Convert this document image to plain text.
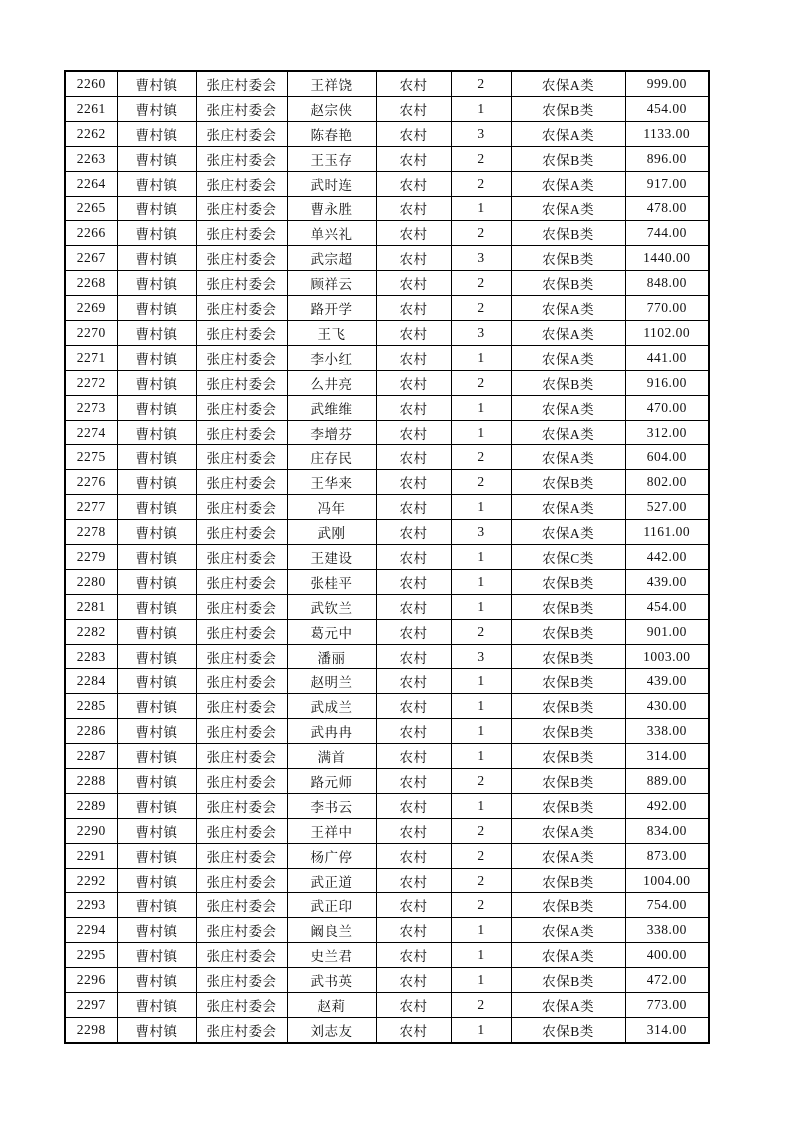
2260	曹村镇	张庄村委会	王祥饶	农村	2	农保A类	999.00
2261	曹村镇	张庄村委会	赵宗侠	农村	1	农保B类	454.00
2262	曹村镇	张庄村委会	陈春艳	农村	3	农保A类	1133.00
2263	曹村镇	张庄村委会	王玉存	农村	2	农保B类	896.00
2264	曹村镇	张庄村委会	武时连	农村	2	农保A类	917.00
2265	曹村镇	张庄村委会	曹永胜	农村	1	农保A类	478.00
2266	曹村镇	张庄村委会	单兴礼	农村	2	农保B类	744.00
2267	曹村镇	张庄村委会	武宗超	农村	3	农保B类	1440.00
2268	曹村镇	张庄村委会	顾祥云	农村	2	农保B类	848.00
2269	曹村镇	张庄村委会	路开学	农村	2	农保A类	770.00
2270	曹村镇	张庄村委会	王飞	农村	3	农保A类	1102.00
2271	曹村镇	张庄村委会	李小红	农村	1	农保A类	441.00
2272	曹村镇	张庄村委会	么井亮	农村	2	农保B类	916.00
2273	曹村镇	张庄村委会	武维维	农村	1	农保A类	470.00
2274	曹村镇	张庄村委会	李增芬	农村	1	农保A类	312.00
2275	曹村镇	张庄村委会	庄存民	农村	2	农保A类	604.00
2276	曹村镇	张庄村委会	王华来	农村	2	农保B类	802.00
2277	曹村镇	张庄村委会	冯年	农村	1	农保A类	527.00
2278	曹村镇	张庄村委会	武刚	农村	3	农保A类	1161.00
2279	曹村镇	张庄村委会	王建设	农村	1	农保C类	442.00
2280	曹村镇	张庄村委会	张桂平	农村	1	农保B类	439.00
2281	曹村镇	张庄村委会	武钦兰	农村	1	农保B类	454.00
2282	曹村镇	张庄村委会	葛元中	农村	2	农保B类	901.00
2283	曹村镇	张庄村委会	潘丽	农村	3	农保B类	1003.00
2284	曹村镇	张庄村委会	赵明兰	农村	1	农保B类	439.00
2285	曹村镇	张庄村委会	武成兰	农村	1	农保B类	430.00
2286	曹村镇	张庄村委会	武冉冉	农村	1	农保B类	338.00
2287	曹村镇	张庄村委会	满首	农村	1	农保B类	314.00
2288	曹村镇	张庄村委会	路元师	农村	2	农保B类	889.00
2289	曹村镇	张庄村委会	李书云	农村	1	农保B类	492.00
2290	曹村镇	张庄村委会	王祥中	农村	2	农保A类	834.00
2291	曹村镇	张庄村委会	杨广停	农村	2	农保A类	873.00
2292	曹村镇	张庄村委会	武正道	农村	2	农保B类	1004.00
2293	曹村镇	张庄村委会	武正印	农村	2	农保B类	754.00
2294	曹村镇	张庄村委会	阚良兰	农村	1	农保A类	338.00
2295	曹村镇	张庄村委会	史兰君	农村	1	农保A类	400.00
2296	曹村镇	张庄村委会	武书英	农村	1	农保B类	472.00
2297	曹村镇	张庄村委会	赵莉	农村	2	农保A类	773.00
2298	曹村镇	张庄村委会	刘志友	农村	1	农保B类	314.00
